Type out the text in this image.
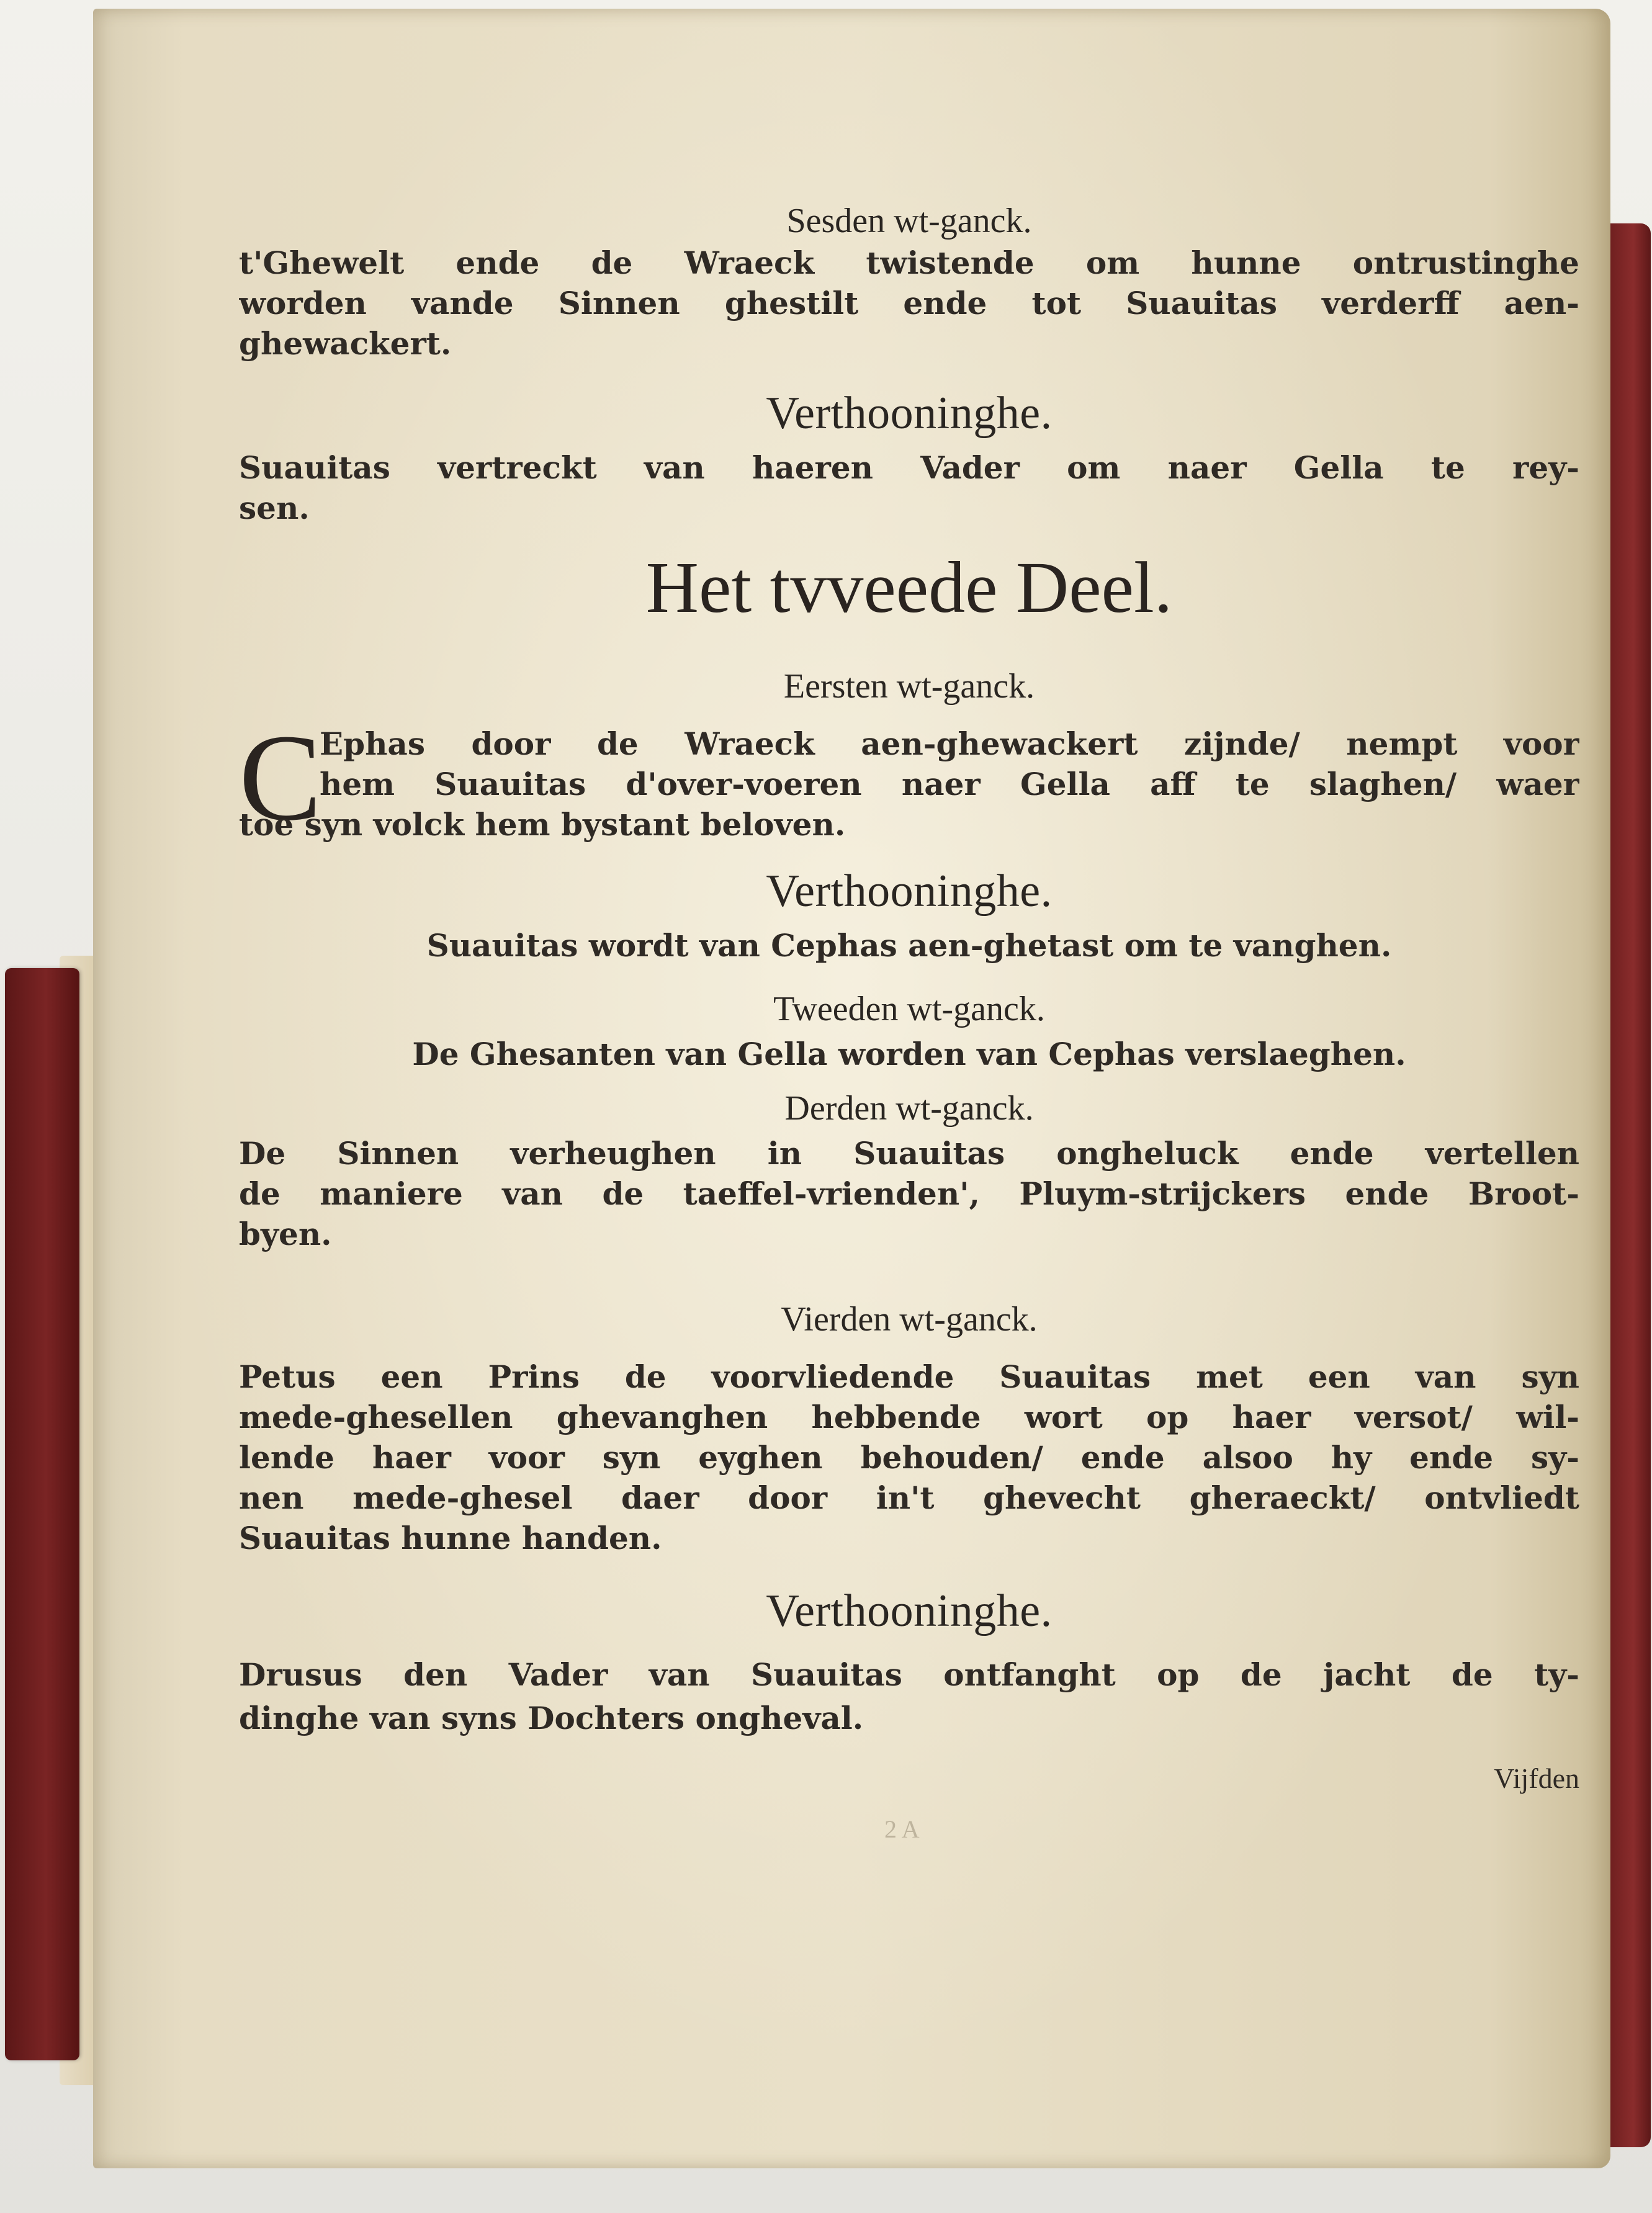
Sesden wt-ganck.
t'Ghewelt ende de Wraeck twistende om hunne ontrustinghe
worden vande Sinnen ghestilt ende tot Suauitas verderff aen-
ghewackert.
Verthooninghe.
Suauitas vertreckt van haeren Vader om naer Gella te rey-
sen.
Het tvveede Deel.
Eersten wt-ganck.
C
Ephas door de Wraeck aen-ghewackert zijnde/ nempt voor
hem Suauitas d'over-voeren naer Gella aff te slaghen/ waer
toe syn volck hem bystant beloven.
Verthooninghe.
Suauitas wordt van Cephas aen-ghetast om te vanghen.
Tweeden wt-ganck.
De Ghesanten van Gella worden van Cephas verslaeghen.
Derden wt-ganck.
De Sinnen verheughen in Suauitas ongheluck ende vertellen
de maniere van de taeffel-vrienden', Pluym-strijckers ende Broot-
byen.
Vierden wt-ganck.
Petus een Prins de voorvliedende Suauitas met een van syn
mede-ghesellen ghevanghen hebbende wort op haer versot/ wil-
lende haer voor syn eyghen behouden/ ende alsoo hy ende sy-
nen mede-ghesel daer door in't ghevecht gheraeckt/ ontvliedt
Suauitas hunne handen.
Verthooninghe.
Drusus den Vader van Suauitas ontfanght op de jacht de ty-
dinghe van syns Dochters ongheval.
Vijfden
2 A
